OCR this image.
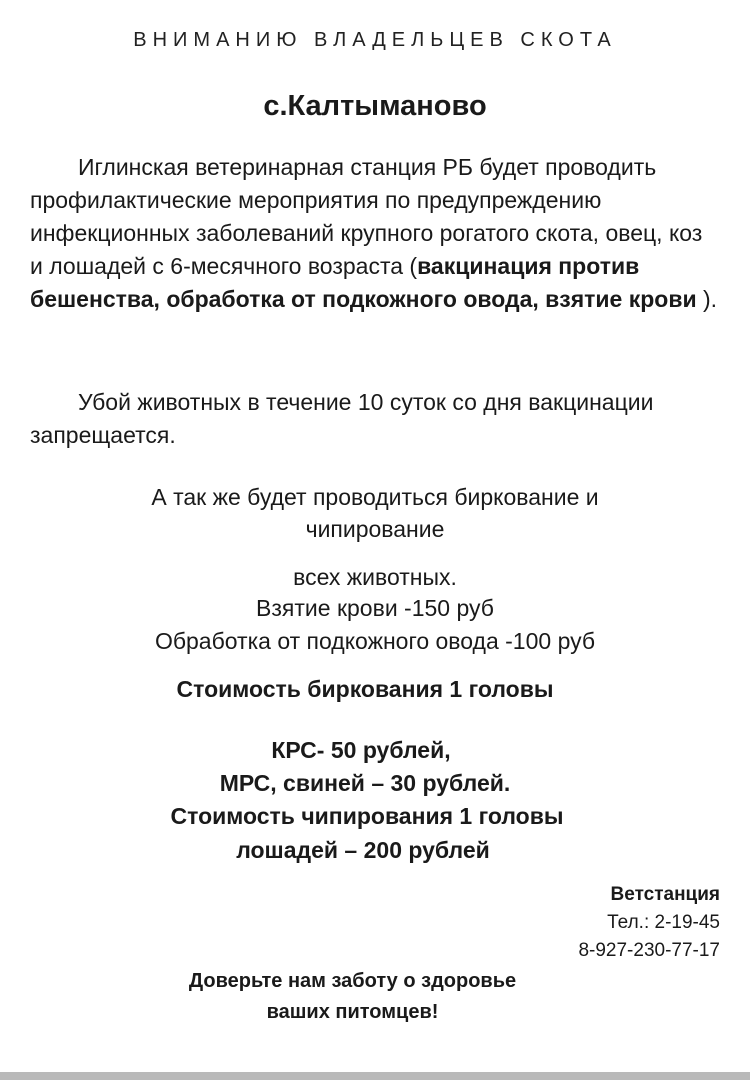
ВНИМАНИЮ ВЛАДЕЛЬЦЕВ СКОТА
с.Калтыманово

Иглинская ветеринарная станция РБ будет проводить профилактические мероприятия по предупреждению инфекционных заболеваний крупного рогатого скота, овец, коз и лошадей с 6-месячного возраста (вакцинация против бешенства, обработка от подкожного овода, взятие крови ).

Убой животных в течение 10 суток со дня вакцинации запрещается.

А так же будет проводиться биркование и
чипирование
всех животных.
Взятие крови -150 руб
Обработка от подкожного овода -100 руб
Стоимость биркования 1 головы
КРС- 50 рублей,
МРС, свиней – 30 рублей.
Стоимость чипирования 1 головы
лошадей – 200 рублей
Ветстанция
Тел.: 2-19-45
8-927-230-77-17
Доверьте нам заботу о здоровье
ваших питомцев!
